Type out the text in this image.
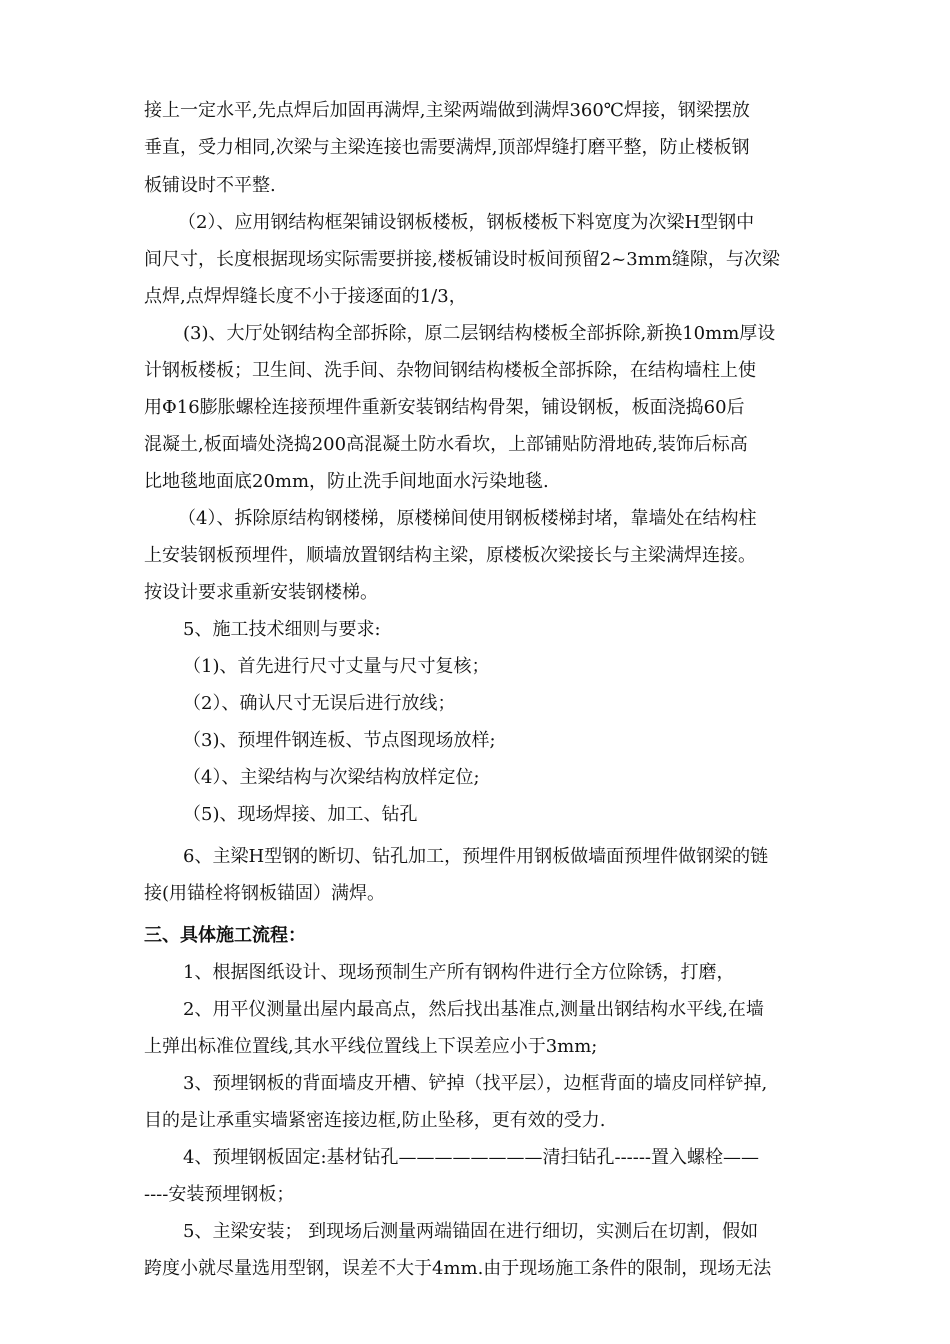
接上一定水平,先点焊后加固再满焊,主梁两端做到满焊360℃焊接，钢梁摆放
垂直，受力相同,次梁与主梁连接也需要满焊,顶部焊缝打磨平整，防止楼板钢
板铺设时不平整.
（2）、应用钢结构框架铺设钢板楼板，钢板楼板下料宽度为次梁H型钢中
间尺寸，长度根据现场实际需要拼接,楼板铺设时板间预留2~3mm缝隙，与次梁
点焊,点焊焊缝长度不小于接逐面的1/3，
(3)、大厅处钢结构全部拆除，原二层钢结构楼板全部拆除,新换10mm厚设
计钢板楼板；卫生间、洗手间、杂物间钢结构楼板全部拆除，在结构墙柱上使
用Φ16膨胀螺栓连接预埋件重新安装钢结构骨架，铺设钢板，板面浇捣60后
混凝土,板面墙处浇捣200高混凝土防水看坎，上部铺贴防滑地砖,装饰后标高
比地毯地面底20mm，防止洗手间地面水污染地毯.
（4）、拆除原结构钢楼梯，原楼梯间使用钢板楼梯封堵，靠墙处在结构柱
上安装钢板预埋件，顺墙放置钢结构主梁，原楼板次梁接长与主梁满焊连接。
按设计要求重新安装钢楼梯。
5、施工技术细则与要求:
（1)、首先进行尺寸丈量与尺寸复核；
（2）、确认尺寸无误后进行放线；
（3)、预埋件钢连板、节点图现场放样;
（4）、主梁结构与次梁结构放样定位;
（5)、现场焊接、加工、钻孔
6、主梁H型钢的断切、钻孔加工，预埋件用钢板做墙面预埋件做钢梁的链
接(用锚栓将钢板锚固）满焊。
三、具体施工流程：
1、根据图纸设计、现场预制生产所有钢构件进行全方位除锈，打磨，
2、用平仪测量出屋内最高点，然后找出基准点,测量出钢结构水平线,在墙
上弹出标准位置线,其水平线位置线上下误差应小于3mm;
3、预埋钢板的背面墙皮开槽、铲掉（找平层），边框背面的墙皮同样铲掉,
目的是让承重实墙紧密连接边框,防止坠移，更有效的受力.
4、预埋钢板固定:基材钻孔————————清扫钻孔------置入螺栓——
----安装预埋钢板；
5、主梁安装； 到现场后测量两端锚固在进行细切，实测后在切割，假如
跨度小就尽量选用型钢，误差不大于4mm.由于现场施工条件的限制，现场无法
